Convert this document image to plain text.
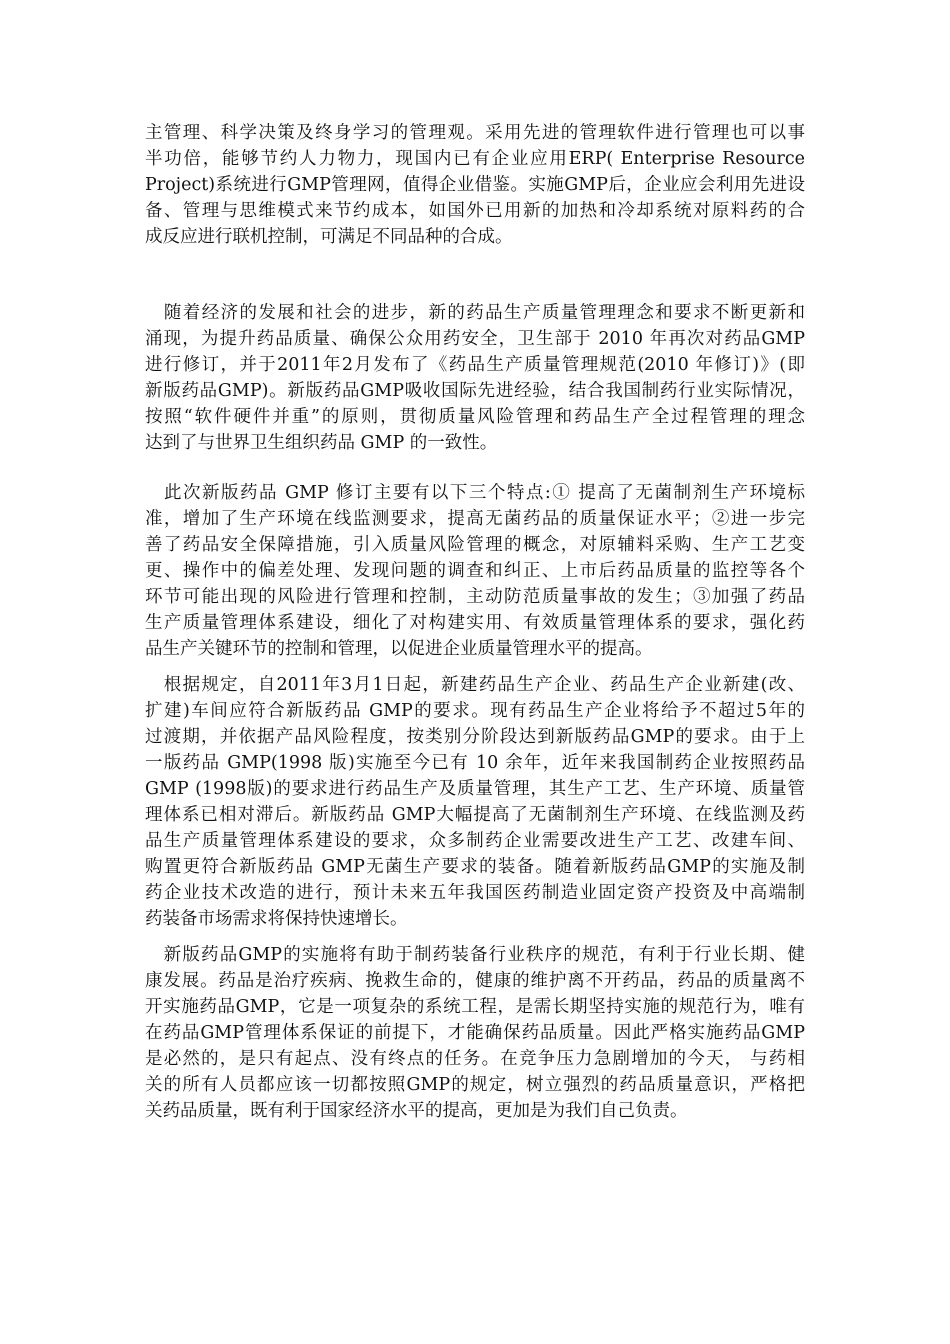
主管理、科学决策及终身学习的管理观。采用先进的管理软件进行管理也可以事
半功倍，能够节约人力物力，现国内已有企业应用ERP( Enterprise Resource
Project)系统进行GMP管理网，值得企业借鉴。实施GMP后，企业应会利用先进设
备、管理与思维模式来节约成本，如国外已用新的加热和冷却系统对原料药的合
成反应进行联机控制，可满足不同品种的合成。
　随着经济的发展和社会的进步，新的药品生产质量管理理念和要求不断更新和
涌现，为提升药品质量、确保公众用药安全，卫生部于 2010 年再次对药品GMP
进行修订，并于2011年2月发布了《药品生产质量管理规范(2010 年修订)》(即
新版药品GMP)。新版药品GMP吸收国际先进经验，结合我国制药行业实际情况，
按照“软件硬件并重”的原则，贯彻质量风险管理和药品生产全过程管理的理念
达到了与世界卫生组织药品 GMP 的一致性。
　此次新版药品 GMP 修订主要有以下三个特点:① 提高了无菌制剂生产环境标
准，增加了生产环境在线监测要求，提高无菌药品的质量保证水平；②进一步完
善了药品安全保障措施，引入质量风险管理的概念，对原辅料采购、生产工艺变
更、操作中的偏差处理、发现问题的调查和纠正、上市后药品质量的监控等各个
环节可能出现的风险进行管理和控制，主动防范质量事故的发生；③加强了药品
生产质量管理体系建设，细化了对构建实用、有效质量管理体系的要求，强化药
品生产关键环节的控制和管理，以促进企业质量管理水平的提高。
　根据规定，自2011年3月1日起，新建药品生产企业、药品生产企业新建(改、
扩建)车间应符合新版药品 GMP的要求。现有药品生产企业将给予不超过5年的
过渡期，并依据产品风险程度，按类别分阶段达到新版药品GMP的要求。由于上
一版药品 GMP(1998 版)实施至今已有 10 余年，近年来我国制药企业按照药品
GMP (1998版)的要求进行药品生产及质量管理，其生产工艺、生产环境、质量管
理体系已相对滞后。新版药品 GMP大幅提高了无菌制剂生产环境、在线监测及药
品生产质量管理体系建设的要求，众多制药企业需要改进生产工艺、改建车间、
购置更符合新版药品 GMP无菌生产要求的装备。随着新版药品GMP的实施及制
药企业技术改造的进行，预计未来五年我国医药制造业固定资产投资及中高端制
药装备市场需求将保持快速增长。
　新版药品GMP的实施将有助于制药装备行业秩序的规范，有利于行业长期、健
康发展。药品是治疗疾病、挽救生命的，健康的维护离不开药品，药品的质量离不
开实施药品GMP，它是一项复杂的系统工程，是需长期坚持实施的规范行为，唯有
在药品GMP管理体系保证的前提下，才能确保药品质量。因此严格实施药品GMP
是必然的，是只有起点、没有终点的任务。在竞争压力急剧增加的今天， 与药相
关的所有人员都应该一切都按照GMP的规定，树立强烈的药品质量意识，严格把
关药品质量，既有利于国家经济水平的提高，更加是为我们自己负责。
